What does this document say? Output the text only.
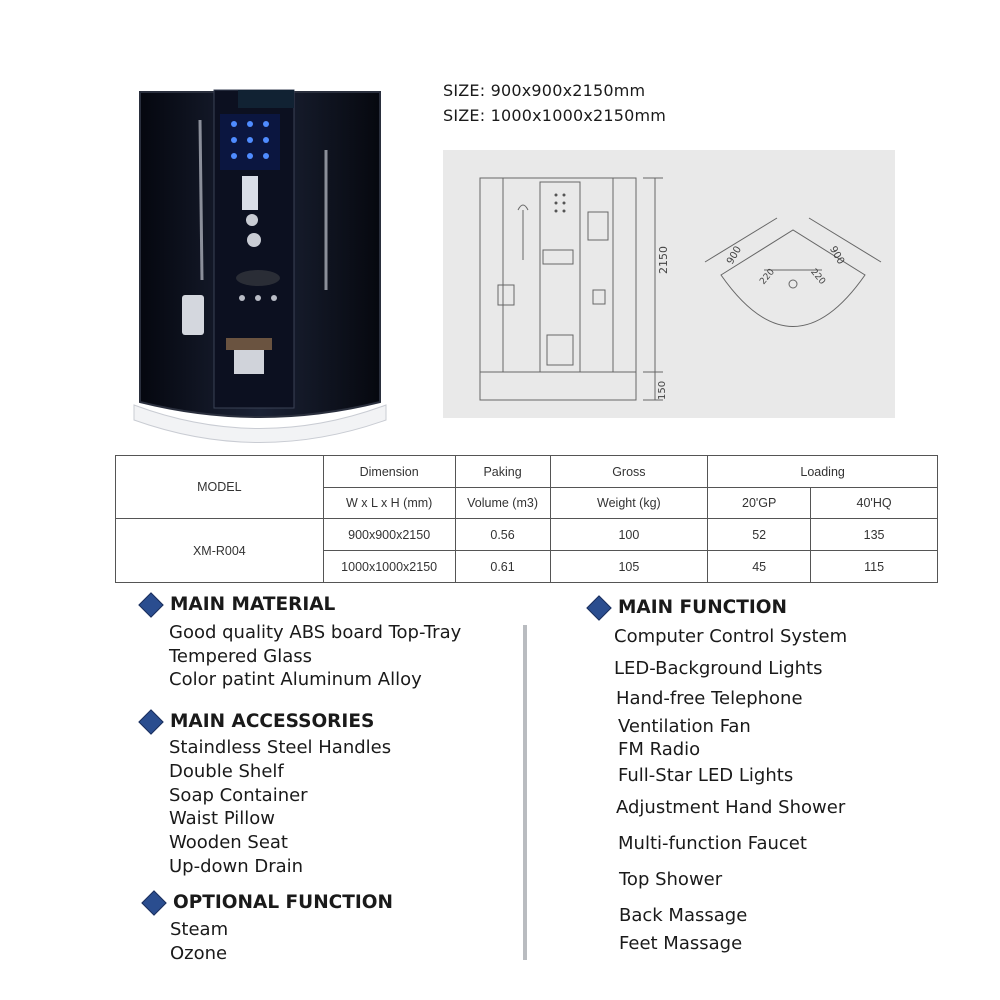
SIZE: 900x900x2150mm
SIZE: 1000x1000x2150mm
2150
150
900	900
220	220
MODEL	Dimension	Paking	Gross	Loading	
	W x L x H (mm)	Volume (m3)	Weight (kg)	20'GP	40'HQ
XM-R004	900x900x2150	0.56	100	52	135
	1000x1000x2150	0.61	105	45	115
MAIN MATERIAL
Good quality ABS board Top-Tray
Tempered Glass
Color patint Aluminum Alloy
MAIN ACCESSORIES
Staindless Steel Handles
Double Shelf
Soap Container
Waist Pillow
Wooden Seat
Up-down Drain
OPTIONAL FUNCTION
Steam
Ozone
MAIN FUNCTION
Computer Control System
LED-Background Lights
Hand-free Telephone
Ventilation Fan
FM Radio
Full-Star LED Lights
Adjustment Hand Shower
Multi-function Faucet
Top Shower
Back Massage
Feet Massage
